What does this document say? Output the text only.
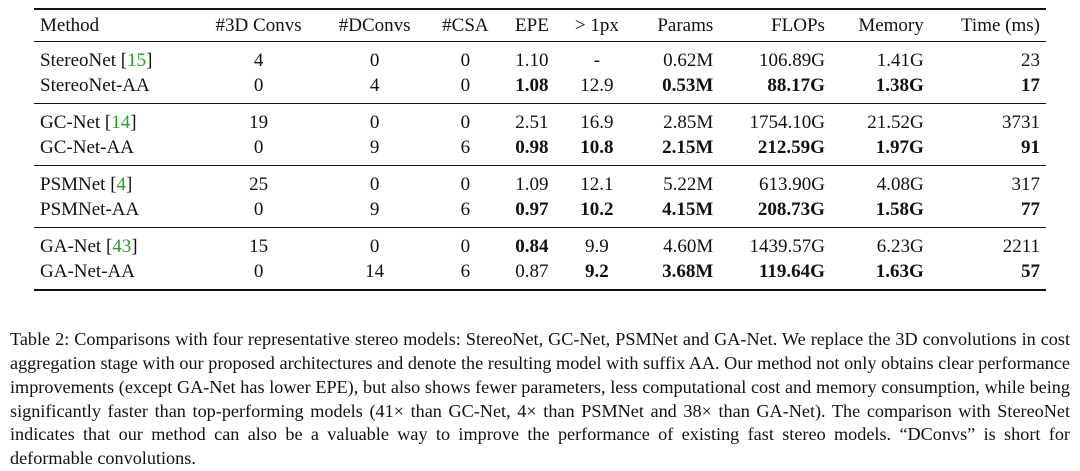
Method	#3D Convs	#DConvs	#CSA	EPE	> 1px	Params	FLOPs	Memory	Time (ms)
StereoNet [15]	4	0	0	1.10	-	0.62M	106.89G	1.41G	23
StereoNet-AA	0	4	0	1.08	12.9	0.53M	88.17G	1.38G	17
GC-Net [14]	19	0	0	2.51	16.9	2.85M	1754.10G	21.52G	3731
GC-Net-AA	0	9	6	0.98	10.8	2.15M	212.59G	1.97G	91
PSMNet [4]	25	0	0	1.09	12.1	5.22M	613.90G	4.08G	317
PSMNet-AA	0	9	6	0.97	10.2	4.15M	208.73G	1.58G	77
GA-Net [43]	15	0	0	0.84	9.9	4.60M	1439.57G	6.23G	2211
GA-Net-AA	0	14	6	0.87	9.2	3.68M	119.64G	1.63G	57

Table 2: Comparisons with four representative stereo models: StereoNet, GC-Net, PSMNet and GA-Net. We replace the 3D convolutions in cost aggregation stage with our proposed architectures and denote the resulting model with suffix AA. Our method not only obtains clear performance improvements (except GA-Net has lower EPE), but also shows fewer parameters, less computational cost and memory consumption, while being significantly faster than top-performing models (41× than GC-Net, 4× than PSMNet and 38× than GA-Net). The comparison with StereoNet indicates that our method can also be a valuable way to improve the performance of existing fast stereo models. “DConvs” is short for deformable convolutions.
